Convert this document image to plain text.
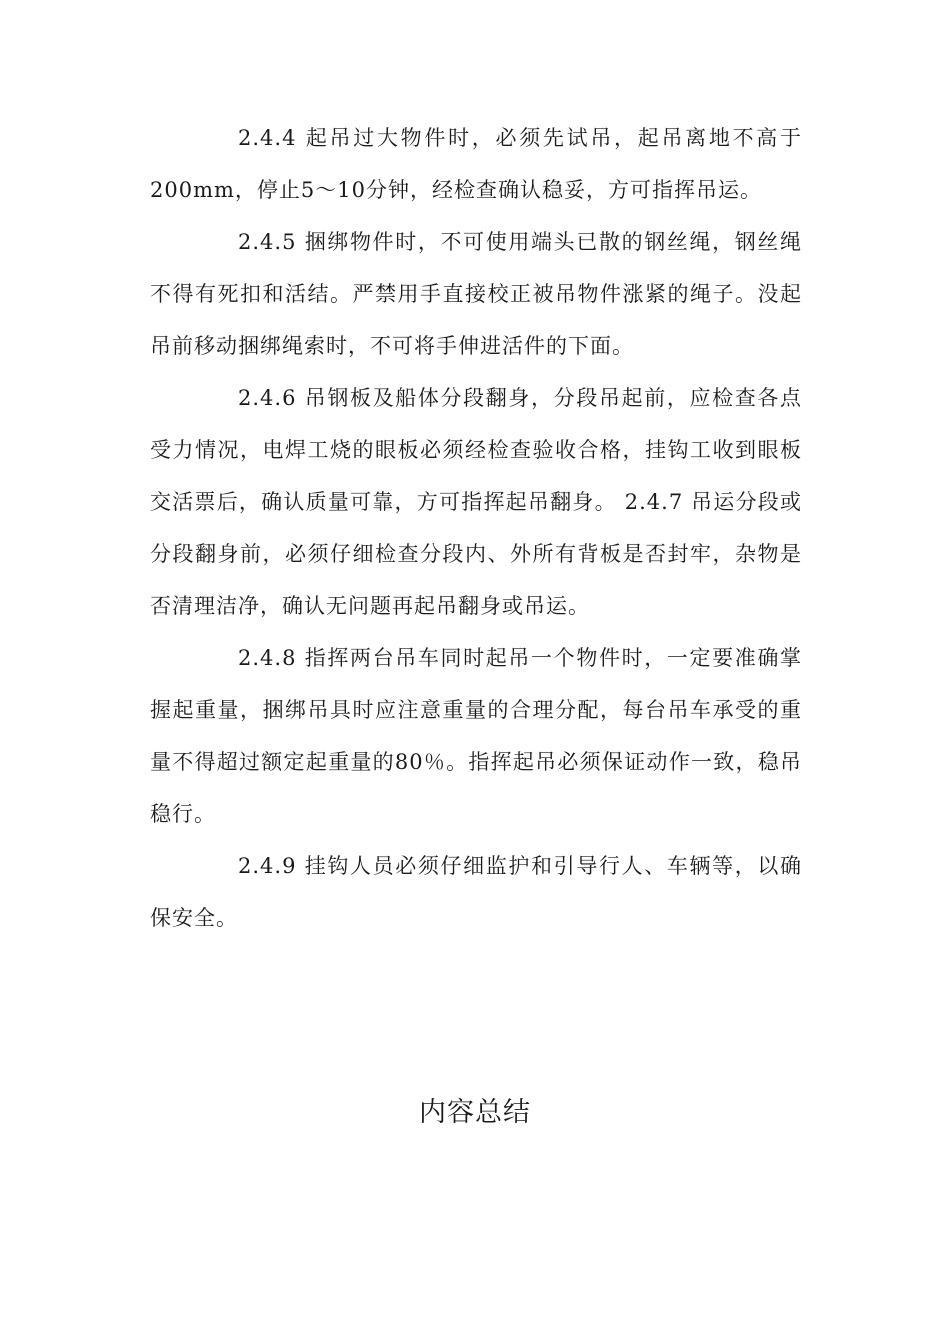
2.4.4 起吊过大物件时，必须先试吊，起吊离地不高于200mm，停止5～10分钟，经检查确认稳妥，方可指挥吊运。

2.4.5 捆绑物件时，不可使用端头已散的钢丝绳，钢丝绳不得有死扣和活结。严禁用手直接校正被吊物件涨紧的绳子。没起吊前移动捆绑绳索时，不可将手伸进活件的下面。

2.4.6 吊钢板及船体分段翻身，分段吊起前，应检查各点受力情况，电焊工烧的眼板必须经检查验收合格，挂钩工收到眼板交活票后，确认质量可靠，方可指挥起吊翻身。 2.4.7 吊运分段或分段翻身前，必须仔细检查分段内、外所有背板是否封牢，杂物是否清理洁净，确认无问题再起吊翻身或吊运。

2.4.8 指挥两台吊车同时起吊一个物件时，一定要准确掌握起重量，捆绑吊具时应注意重量的合理分配，每台吊车承受的重量不得超过额定起重量的80％。指挥起吊必须保证动作一致，稳吊稳行。

2.4.9 挂钩人员必须仔细监护和引导行人、车辆等，以确保安全。

内容总结
